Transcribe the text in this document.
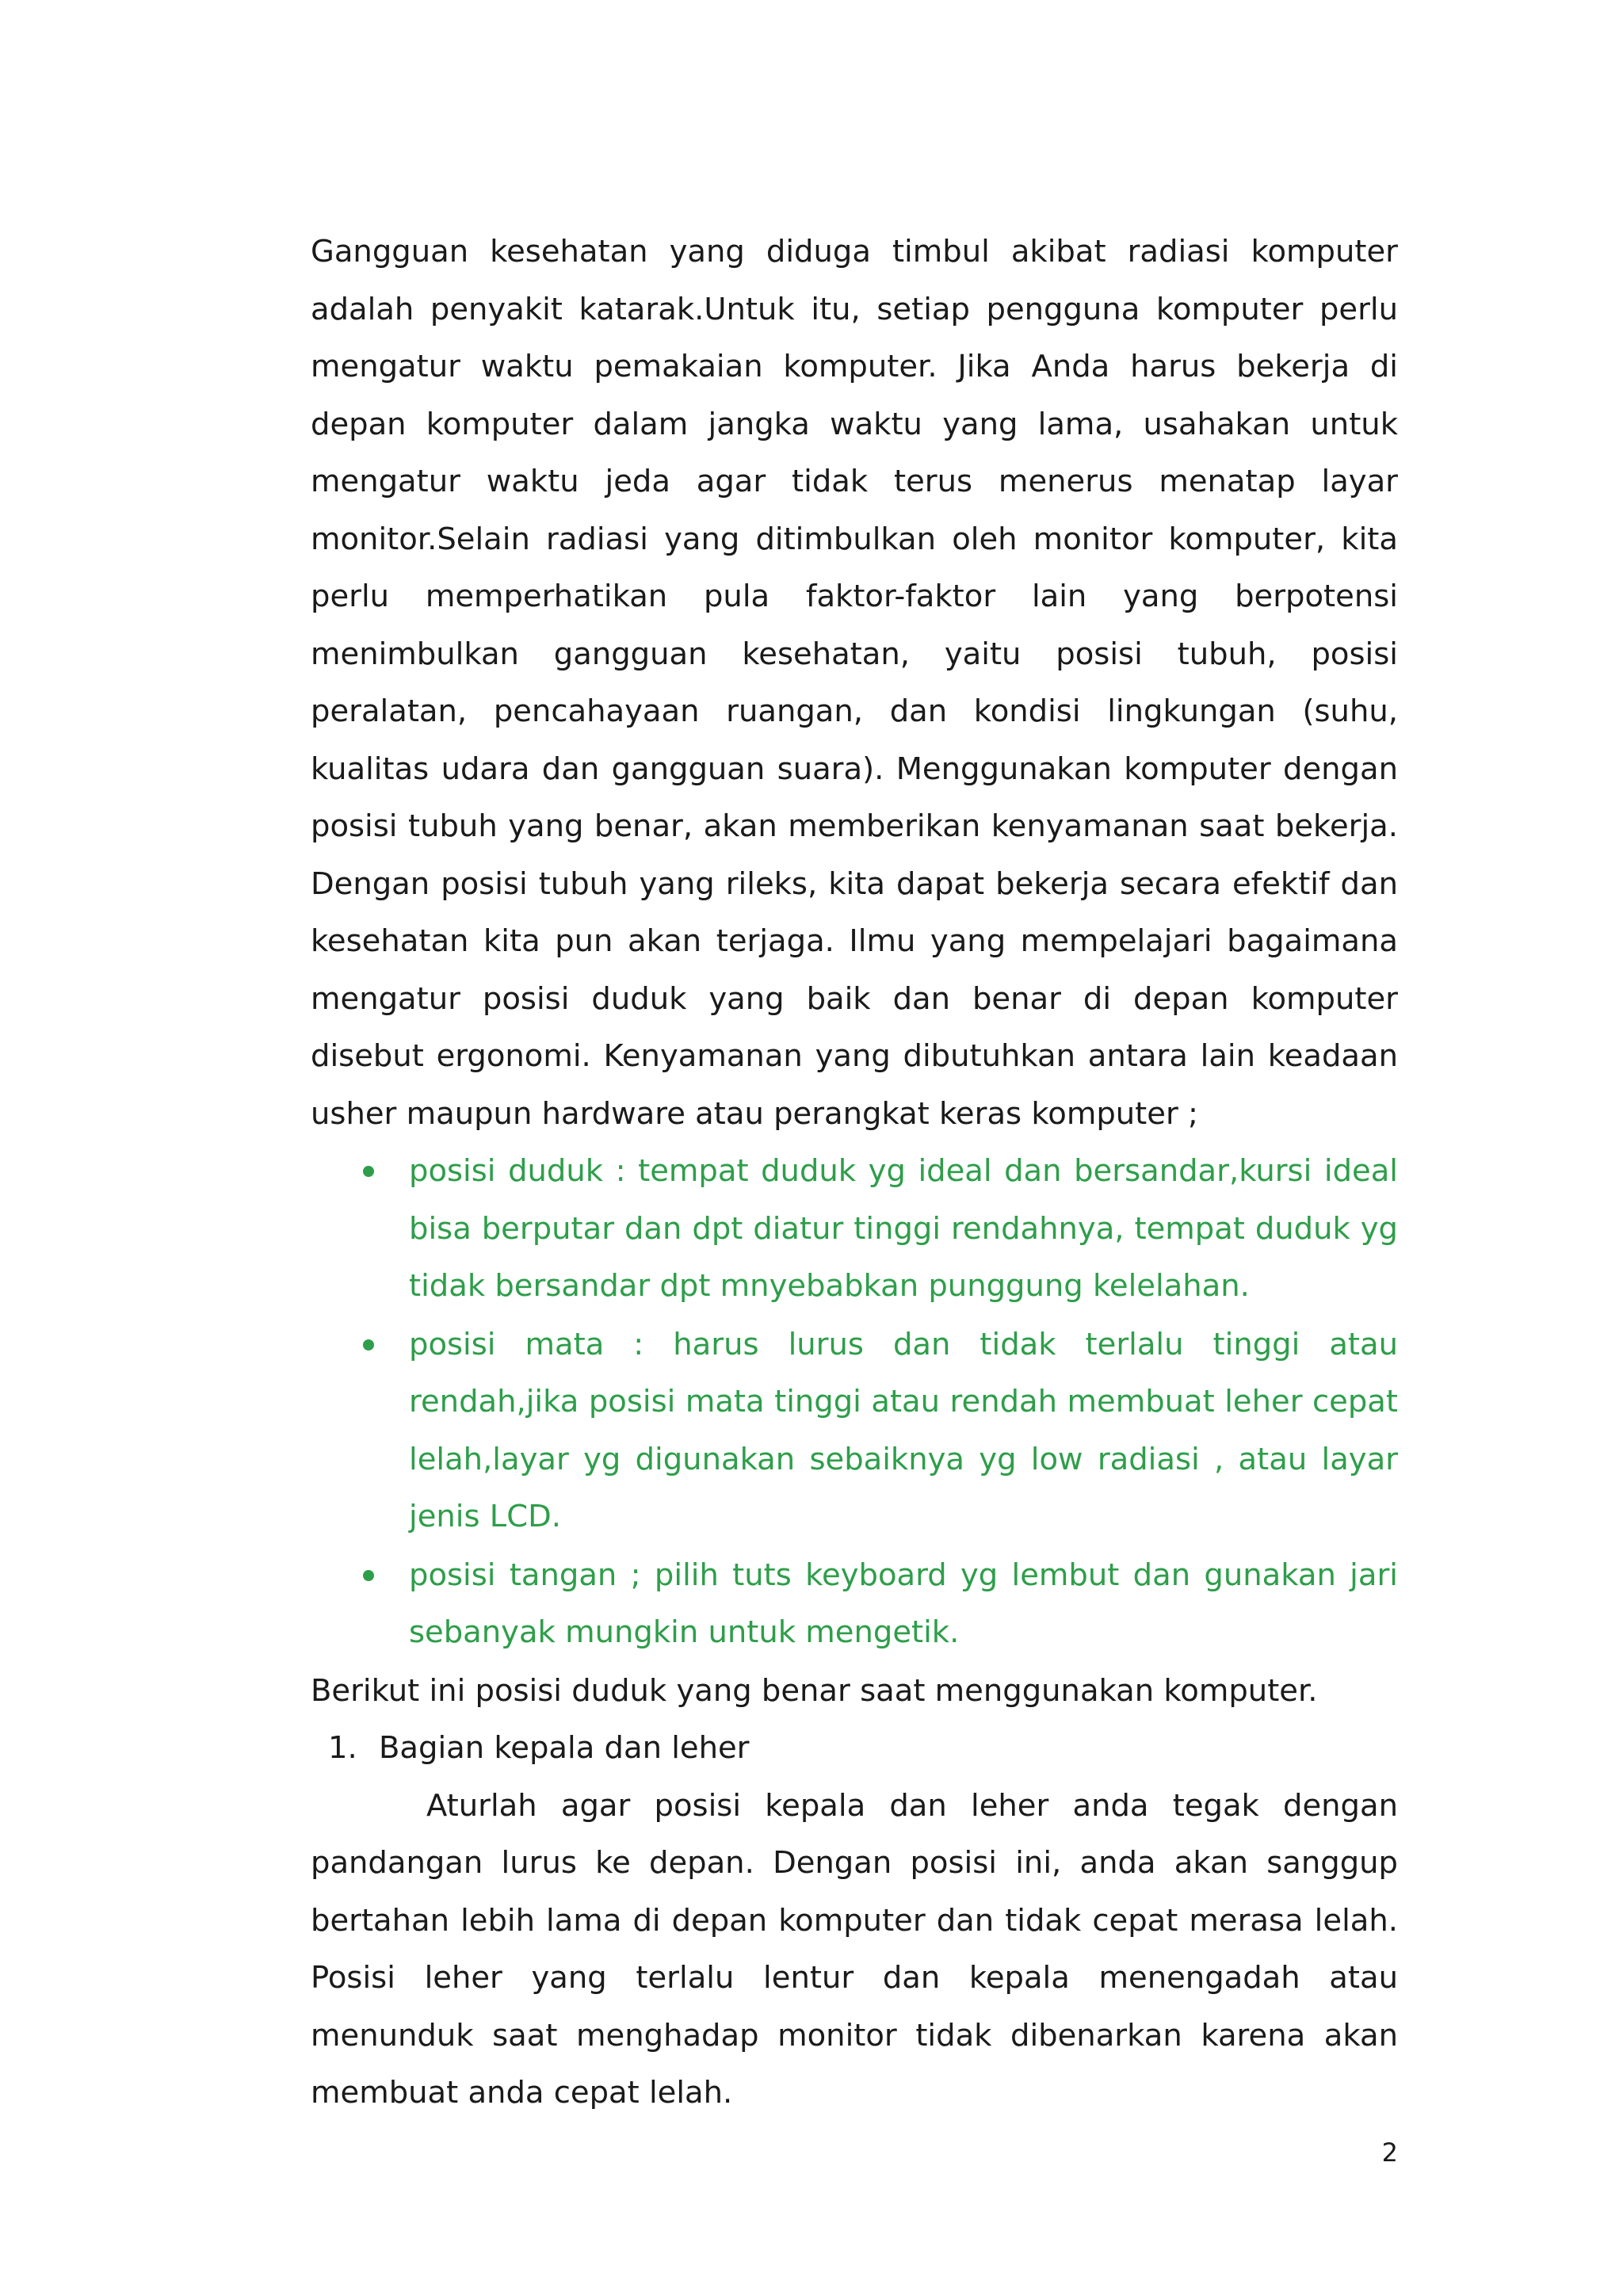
Gangguan kesehatan yang diduga timbul akibat radiasi komputer adalah penyakit katarak.Untuk itu, setiap pengguna komputer perlu mengatur waktu pemakaian komputer. Jika Anda harus bekerja di depan komputer dalam jangka waktu yang lama, usahakan untuk mengatur waktu jeda agar tidak terus menerus menatap layar monitor.Selain radiasi yang ditimbulkan oleh monitor komputer, kita perlu memperhatikan pula faktor-faktor lain yang berpotensi menimbulkan gangguan kesehatan, yaitu posisi tubuh, posisi peralatan, pencahayaan ruangan, dan kondisi lingkungan (suhu, kualitas udara dan gangguan suara). Menggunakan komputer dengan posisi tubuh yang benar, akan memberikan kenyamanan saat bekerja. Dengan posisi tubuh yang rileks, kita dapat bekerja secara efektif dan kesehatan kita pun akan terjaga. Ilmu yang mempelajari bagaimana mengatur posisi duduk yang baik dan benar di depan komputer disebut ergonomi. Kenyamanan yang dibutuhkan antara lain keadaan usher maupun hardware atau perangkat keras komputer ;

posisi duduk : tempat duduk yg ideal dan bersandar,kursi ideal bisa berputar dan dpt diatur tinggi rendahnya, tempat duduk yg tidak bersandar dpt mnyebabkan punggung kelelahan.
posisi mata : harus lurus dan tidak terlalu tinggi atau rendah,jika posisi mata tinggi atau rendah membuat leher cepat lelah,layar yg digunakan sebaiknya yg low radiasi , atau layar jenis LCD.
posisi tangan ; pilih tuts keyboard yg lembut dan gunakan jari sebanyak mungkin untuk mengetik.

Berikut ini posisi duduk yang benar saat menggunakan komputer.

1. Bagian kepala dan leher

Aturlah agar posisi kepala dan leher anda tegak dengan pandangan lurus ke depan. Dengan posisi ini, anda akan sanggup bertahan lebih lama di depan komputer dan tidak cepat merasa lelah. Posisi leher yang terlalu lentur dan kepala menengadah atau menunduk saat menghadap monitor tidak dibenarkan karena akan membuat anda cepat lelah.

2
